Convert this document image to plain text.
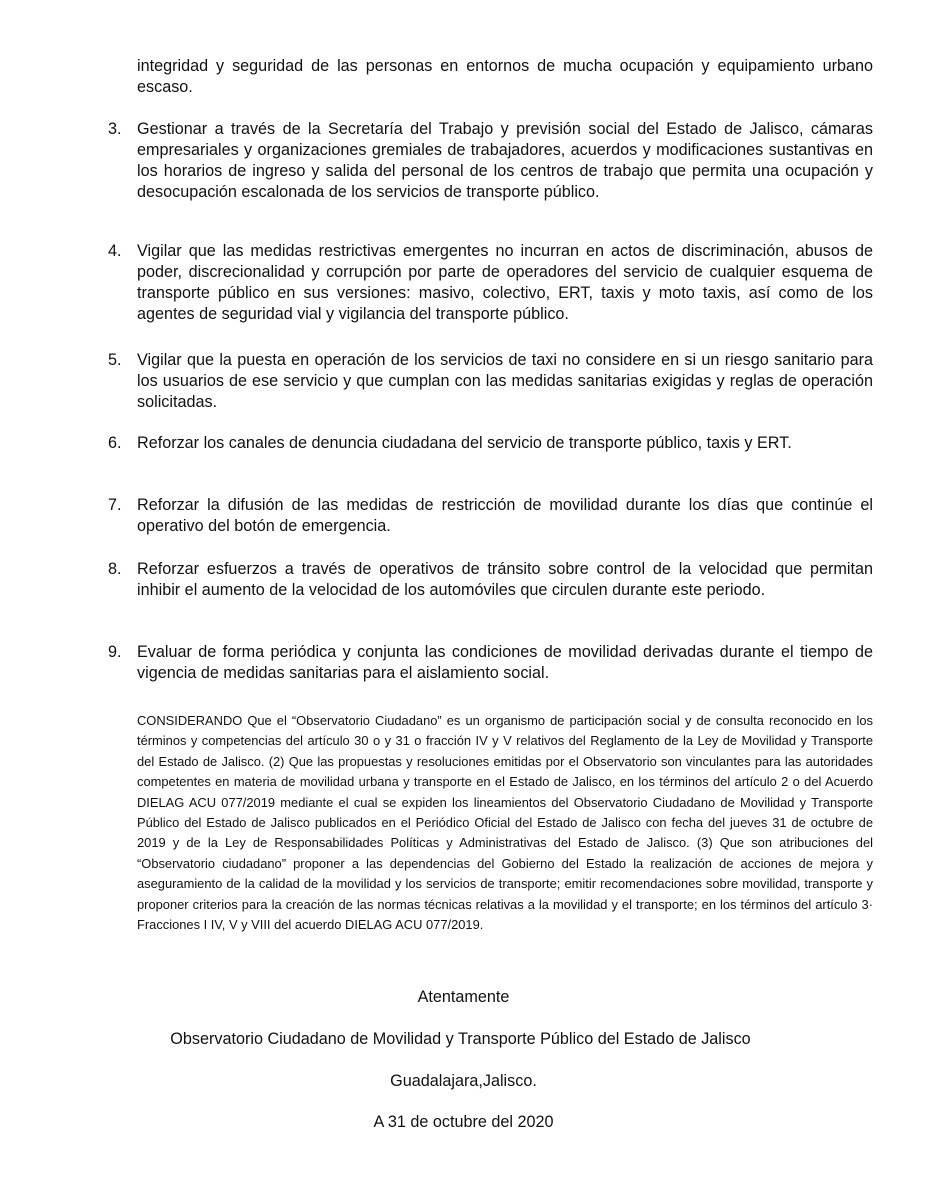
integridad y seguridad de las personas en entornos de mucha ocupación y equipamiento urbano escaso.

3. Gestionar a través de la Secretaría del Trabajo y previsión social del Estado de Jalisco, cámaras empresariales y organizaciones gremiales de trabajadores, acuerdos y modificaciones sustantivas en los horarios de ingreso y salida del personal de los centros de trabajo que permita una ocupación y desocupación escalonada de los servicios de transporte público.
4. Vigilar que las medidas restrictivas emergentes no incurran en actos de discriminación, abusos de poder, discrecionalidad y corrupción por parte de operadores del servicio de cualquier esquema de transporte público en sus versiones: masivo, colectivo, ERT, taxis y moto taxis, así como de los agentes de seguridad vial y vigilancia del transporte público.
5. Vigilar que la puesta en operación de los servicios de taxi no considere en si un riesgo sanitario para los usuarios de ese servicio y que cumplan con las medidas sanitarias exigidas y reglas de operación solicitadas.
6. Reforzar los canales de denuncia ciudadana del servicio de transporte público, taxis y ERT.
7. Reforzar la difusión de las medidas de restricción de movilidad durante los días que continúe el operativo del botón de emergencia.
8. Reforzar esfuerzos a través de operativos de tránsito sobre control de la velocidad que permitan inhibir el aumento de la velocidad de los automóviles que circulen durante este periodo.
9. Evaluar de forma periódica y conjunta las condiciones de movilidad derivadas durante el tiempo de vigencia de medidas sanitarias para el aislamiento social.

CONSIDERANDO Que el “Observatorio Ciudadano” es un organismo de participación social y de consulta reconocido en los términos y competencias del artículo 30 o y 31 o fracción IV y V relativos del Reglamento de la Ley de Movilidad y Transporte del Estado de Jalisco. (2) Que las propuestas y resoluciones emitidas por el Observatorio son vinculantes para las autoridades competentes en materia de movilidad urbana y transporte en el Estado de Jalisco, en los términos del artículo 2 o del Acuerdo DIELAG ACU 077/2019 mediante el cual se expiden los lineamientos del Observatorio Ciudadano de Movilidad y Transporte Público del Estado de Jalisco publicados en el Periódico Oficial del Estado de Jalisco con fecha del jueves 31 de octubre de 2019 y de la Ley de Responsabilidades Políticas y Administrativas del Estado de Jalisco. (3) Que son atribuciones del “Observatorio ciudadano” proponer a las dependencias del Gobierno del Estado la realización de acciones de mejora y aseguramiento de la calidad de la movilidad y los servicios de transporte; emitir recomendaciones sobre movilidad, transporte y proponer criterios para la creación de las normas técnicas relativas a la movilidad y el transporte; en los términos del artículo 3· Fracciones I IV, V y VIII del acuerdo DIELAG ACU 077/2019.

Atentamente
Observatorio Ciudadano de Movilidad y Transporte Público del Estado de Jalisco
Guadalajara,Jalisco.
A 31 de octubre del 2020
